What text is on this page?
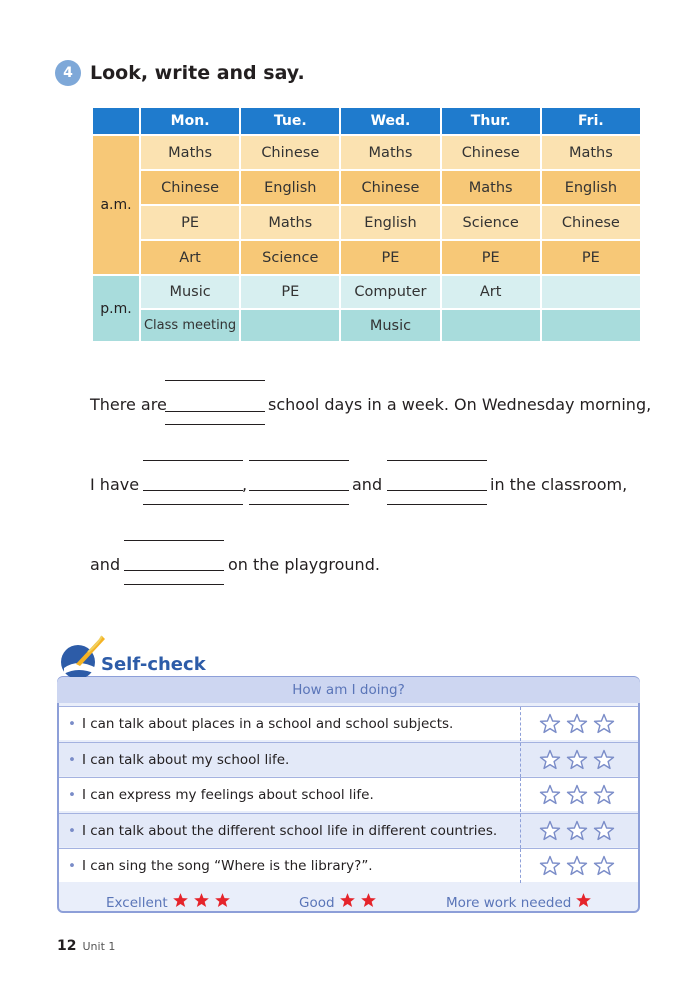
4 Look, write and say.
	Mon.	Tue.	Wed.	Thur.	Fri.
a.m.	Maths	Chinese	Maths	Chinese	Maths
	Chinese	English	Chinese	Maths	English
	PE	Maths	English	Science	Chinese
	Art	Science	PE	PE	PE
p.m.	Music	PE	Computer	Art	
	Class meeting		Music		
There are	school days in a week. On Wednesday morning,
I have	,	and	in the classroom,
and	on the playground.
Self-check
How am I doing?
• I can talk about places in a school and school subjects.
• I can talk about my school life.
• I can express my feelings about school life.
• I can talk about the different school life in different countries.
• I can sing the song “Where is the library?”.
Excellent	Good	More work needed
12 Unit 1
